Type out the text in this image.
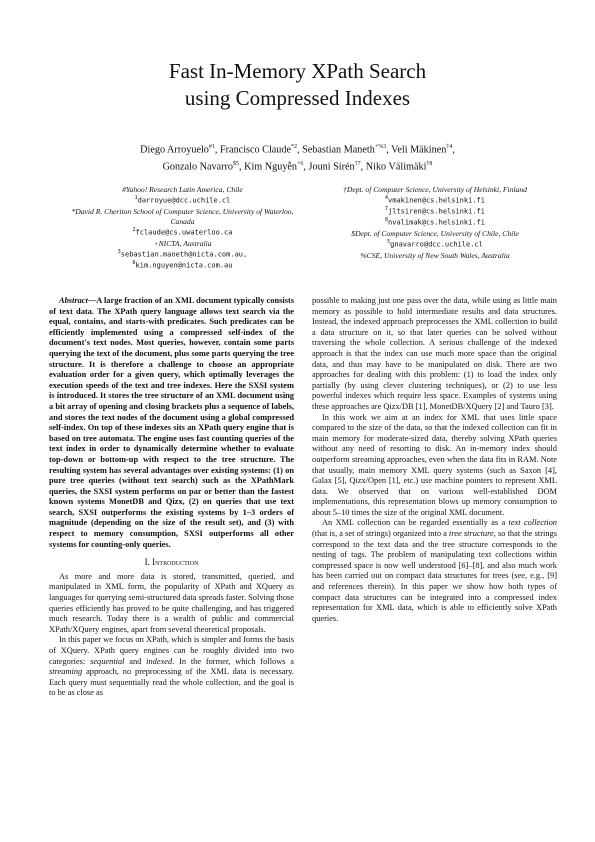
Fast In-Memory XPath Search
using Compressed Indexes
Diego Arroyuelo$^{\#1}$, Francisco Claude$^{*2}$, Sebastian Maneth$^{+\%3}$, Veli Mäkinen$^{\dagger 4}$,
Gonzalo Navarro$^{\$5}$, Kim Nguyễn$^{+6}$, Jouni Sirén$^{\dagger 7}$, Niko Välimäki$^{\dagger 8}$
#Yahoo! Research Latin America, Chile
$^1$darroyue@dcc.uchile.cl
*David R. Cheriton School of Computer Science, University of Waterloo, Canada
$^2$fclaude@cs.uwaterloo.ca
+NICTA, Australia
$^3$sebastian.maneth@nicta.com.au,
$^6$kim.nguyen@nicta.com.au
†Dept. of Computer Science, University of Helsinki, Finland
$^4$vmakinen@cs.helsinki.fi
$^7$jltsiren@cs.helsinki.fi
$^8$nvalimak@cs.helsinki.fi
$Dept. of Computer Science, University of Chile, Chile
$^5$gnavarro@dcc.uchile.cl
%CSE, University of New South Wales, Australia

Abstract—A large fraction of an XML document typically consists of text data. The XPath query language allows text search via the equal, contains, and starts-with predicates. Such predicates can be efficiently implemented using a compressed self-index of the document's text nodes. Most queries, however, contain some parts querying the text of the document, plus some parts querying the tree structure. It is therefore a challenge to choose an appropriate evaluation order for a given query, which optimally leverages the execution speeds of the text and tree indexes. Here the SXSI system is introduced. It stores the tree structure of an XML document using a bit array of opening and closing brackets plus a sequence of labels, and stores the text nodes of the document using a global compressed self-index. On top of these indexes sits an XPath query engine that is based on tree automata. The engine uses fast counting queries of the text index in order to dynamically determine whether to evaluate top-down or bottom-up with respect to the tree structure. The resulting system has several advantages over existing systems: (1) on pure tree queries (without text search) such as the XPathMark queries, the SXSI system performs on par or better than the fastest known systems MonetDB and Qizx, (2) on queries that use text search, SXSI outperforms the existing systems by 1–3 orders of magnitude (depending on the size of the result set), and (3) with respect to memory consumption, SXSI outperforms all other systems for counting-only queries.

I. Introduction

As more and more data is stored, transmitted, queried, and manipulated in XML form, the popularity of XPath and XQuery as languages for querying semi-structured data spreads faster. Solving those queries efficiently has proved to be quite challenging, and has triggered much research. Today there is a wealth of public and commercial XPath/XQuery engines, apart from several theoretical proposals.

In this paper we focus on XPath, which is simpler and forms the basis of XQuery. XPath query engines can be roughly divided into two categories: sequential and indexed. In the former, which follows a streaming approach, no preprocessing of the XML data is necessary. Each query must sequentially read the whole collection, and the goal is to be as close as

possible to making just one pass over the data, while using as little main memory as possible to hold intermediate results and data structures. Instead, the indexed approach preprocesses the XML collection to build a data structure on it, so that later queries can be solved without traversing the whole collection. A serious challenge of the indexed approach is that the index can use much more space than the original data, and thus may have to be manipulated on disk. There are two approaches for dealing with this problem: (1) to load the index only partially (by using clever clustering techniques), or (2) to use less powerful indexes which require less space. Examples of systems using these approaches are Qizx/DB [1], MonetDB/XQuery [2] and Tauro [3].

In this work we aim at an index for XML that uses little space compared to the size of the data, so that the indexed collection can fit in main memory for moderate-sized data, thereby solving XPath queries without any need of resorting to disk. An in-memory index should outperform streaming approaches, even when the data fits in RAM. Note that usually, main memory XML query systems (such as Saxon [4], Galax [5], Qizx/Open [1], etc.) use machine pointers to represent XML data. We observed that on various well-established DOM implementations, this representation blows up memory consumption to about 5–10 times the size of the original XML document.

An XML collection can be regarded essentially as a text collection (that is, a set of strings) organized into a tree structure, so that the strings correspond to the text data and the tree structure corresponds to the nesting of tags. The problem of manipulating text collections within compressed space is now well understood [6]–[8], and also much work has been carried out on compact data structures for trees (see, e.g., [9] and references therein). In this paper we show how both types of compact data structures can be integrated into a compressed index representation for XML data, which is able to efficiently solve XPath queries.
